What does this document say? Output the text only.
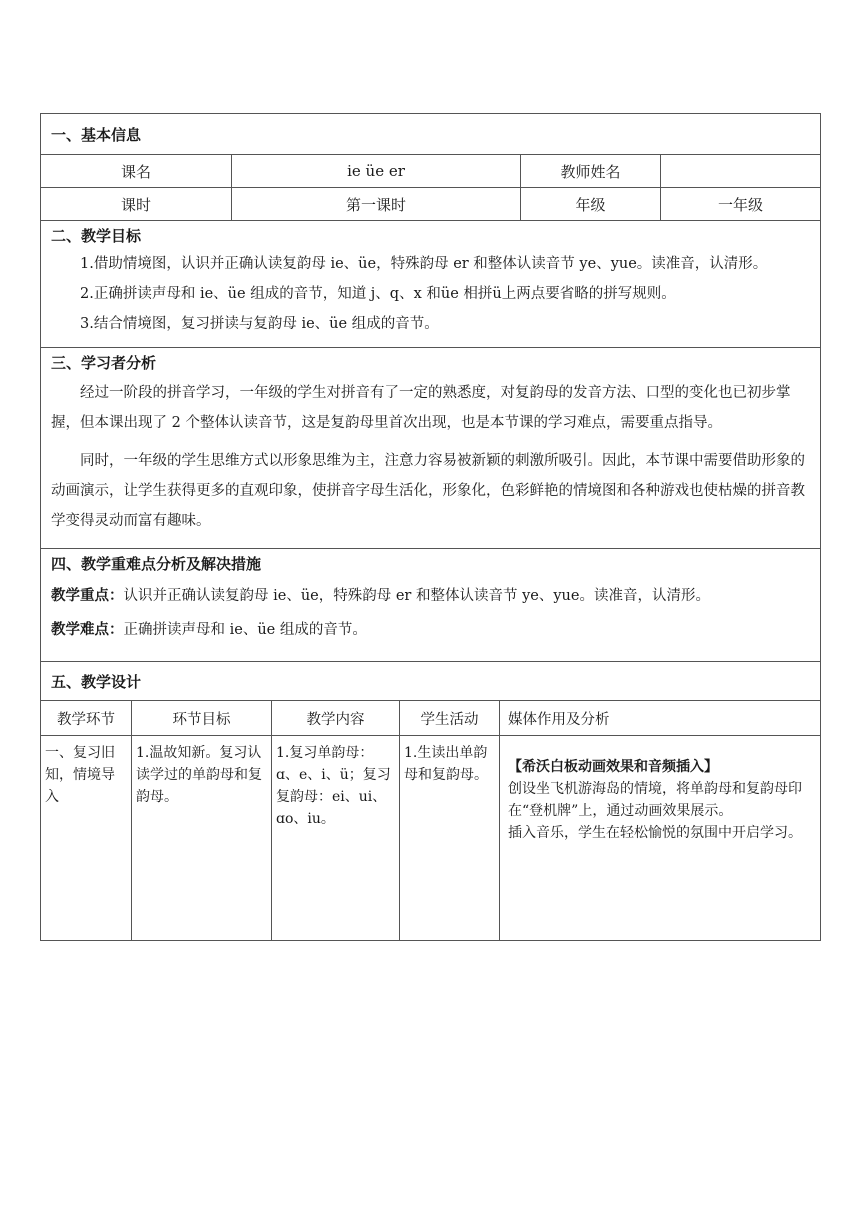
一、基本信息			
课名	ie üe er	教师姓名	
课时	第一课时	年级	一年级

二、教学目标

1.借助情境图，认识并正确认读复韵母 ie、üe，特殊韵母 er 和整体认读音节 ye、yue。读准音，认清形。

2.正确拼读声母和 ie、üe 组成的音节，知道 j、q、x 和üe 相拼ü上两点要省略的拼写规则。

3.结合情境图，复习拼读与复韵母 ie、üe 组成的音节。			

三、学习者分析

经过一阶段的拼音学习，一年级的学生对拼音有了一定的熟悉度，对复韵母的发音方法、口型的变化也已初步掌握，但本课出现了 2 个整体认读音节，这是复韵母里首次出现，也是本节课的学习难点，需要重点指导。

同时，一年级的学生思维方式以形象思维为主，注意力容易被新颖的刺激所吸引。因此，本节课中需要借助形象的动画演示，让学生获得更多的直观印象，使拼音字母生活化，形象化，色彩鲜艳的情境图和各种游戏也使枯燥的拼音教学变得灵动而富有趣味。			

四、教学重难点分析及解决措施

教学重点：认识并正确认读复韵母 ie、üe，特殊韵母 er 和整体认读音节 ye、yue。读准音，认清形。

教学难点：正确拼读声母和 ie、üe 组成的音节。			

五、教学设计			
教学环节	环节目标	教学内容	学生活动	媒体作用及分析
一、复习旧知，情境导入	1.温故知新。复习认读学过的单韵母和复韵母。	1.复习单韵母：ɑ、e、i、ü；复习复韵母：ei、ui、ɑo、iu。	1.生读出单韵母和复韵母。	【希沃白板动画效果和音频插入】
创设坐飞机游海岛的情境，将单韵母和复韵母印在“登机牌”上，通过动画效果展示。
插入音乐，学生在轻松愉悦的氛围中开启学习。
